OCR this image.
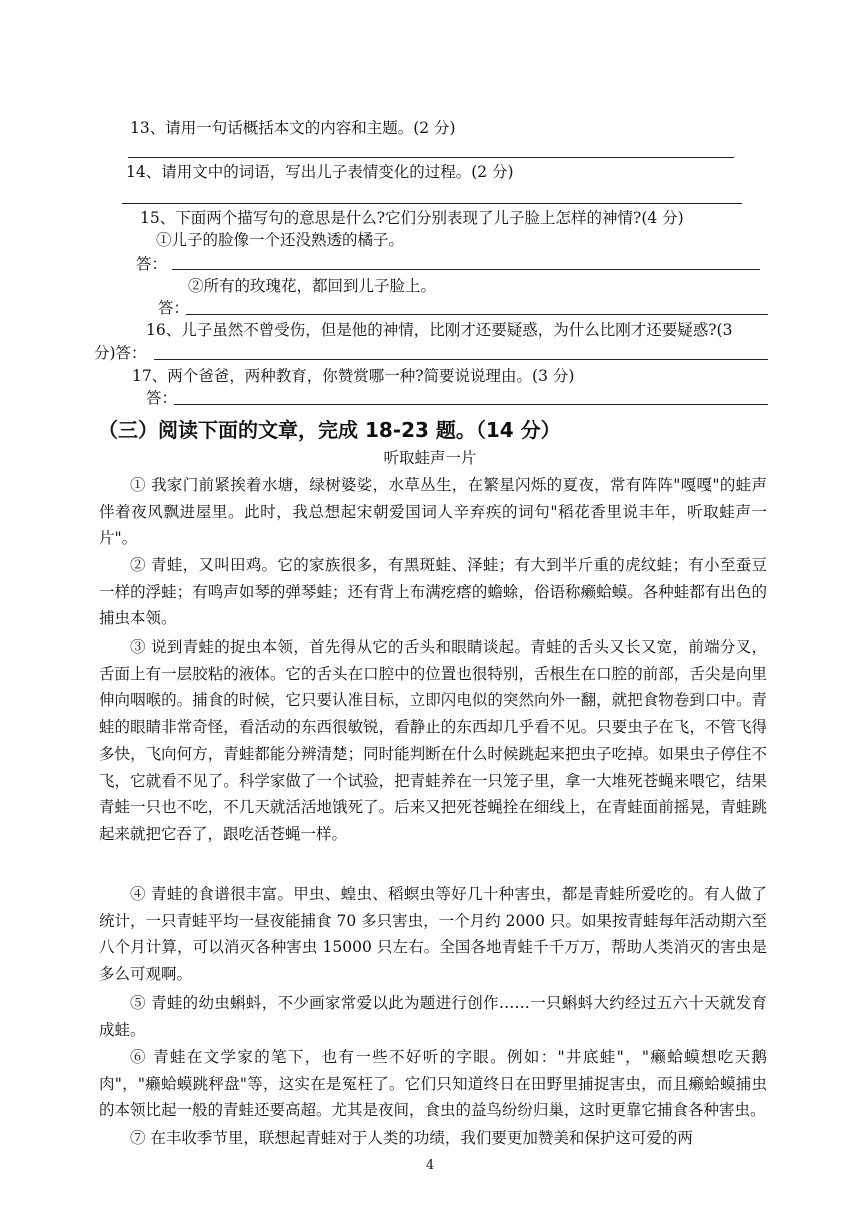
13、请用一句话概括本文的内容和主题。(2 分)
14、请用文中的词语，写出儿子表情变化的过程。(2 分)
15、下面两个描写句的意思是什么?它们分别表现了儿子脸上怎样的神情?(4 分)
①儿子的脸像一个还没熟透的橘子。
答：
②所有的玫瑰花，都回到儿子脸上。
答：
16、儿子虽然不曾受伤，但是他的神情，比刚才还要疑惑，为什么比刚才还要疑惑?(3
分)答：
17、两个爸爸，两种教育，你赞赏哪一种?简要说说理由。(3 分)
答：
（三）阅读下面的文章，完成 18-23 题。（14 分）
听取蛙声一片
① 我家门前紧挨着水塘，绿树婆娑，水草丛生，在繁星闪烁的夏夜，常有阵阵"嘎嘎"的蛙声伴着夜风飘进屋里。此时，我总想起宋朝爱国词人辛弃疾的词句"稻花香里说丰年，听取蛙声一片"。
② 青蛙，又叫田鸡。它的家族很多，有黑斑蛙、泽蛙；有大到半斤重的虎纹蛙；有小至蚕豆一样的浮蛙；有鸣声如琴的弹琴蛙；还有背上布满疙瘩的蟾蜍，俗语称癞蛤蟆。各种蛙都有出色的捕虫本领。
③ 说到青蛙的捉虫本领，首先得从它的舌头和眼睛谈起。青蛙的舌头又长又宽，前端分叉，舌面上有一层胶粘的液体。它的舌头在口腔中的位置也很特别，舌根生在口腔的前部，舌尖是向里伸向咽喉的。捕食的时候，它只要认准目标，立即闪电似的突然向外一翻，就把食物卷到口中。青蛙的眼睛非常奇怪，看活动的东西很敏锐，看静止的东西却几乎看不见。只要虫子在飞，不管飞得多快，飞向何方，青蛙都能分辨清楚；同时能判断在什么时候跳起来把虫子吃掉。如果虫子停住不飞，它就看不见了。科学家做了一个试验，把青蛙养在一只笼子里，拿一大堆死苍蝇来喂它，结果青蛙一只也不吃，不几天就活活地饿死了。后来又把死苍蝇拴在细线上，在青蛙面前摇晃，青蛙跳起来就把它吞了，跟吃活苍蝇一样。
④ 青蛙的食谱很丰富。甲虫、蝗虫、稻螟虫等好几十种害虫，都是青蛙所爱吃的。有人做了统计，一只青蛙平均一昼夜能捕食 70 多只害虫，一个月约 2000 只。如果按青蛙每年活动期六至八个月计算，可以消灭各种害虫 15000 只左右。全国各地青蛙千千万万，帮助人类消灭的害虫是多么可观啊。
⑤ 青蛙的幼虫蝌蚪，不少画家常爱以此为题进行创作……一只蝌蚪大约经过五六十天就发育成蛙。
⑥ 青蛙在文学家的笔下，也有一些不好听的字眼。例如："井底蛙"，"癞蛤蟆想吃天鹅肉"，"癞蛤蟆跳秤盘"等，这实在是冤枉了。它们只知道终日在田野里捕捉害虫，而且癞蛤蟆捕虫的本领比起一般的青蛙还要高超。尤其是夜间，食虫的益鸟纷纷归巢，这时更靠它捕食各种害虫。
⑦ 在丰收季节里，联想起青蛙对于人类的功绩，我们要更加赞美和保护这可爱的两
4
